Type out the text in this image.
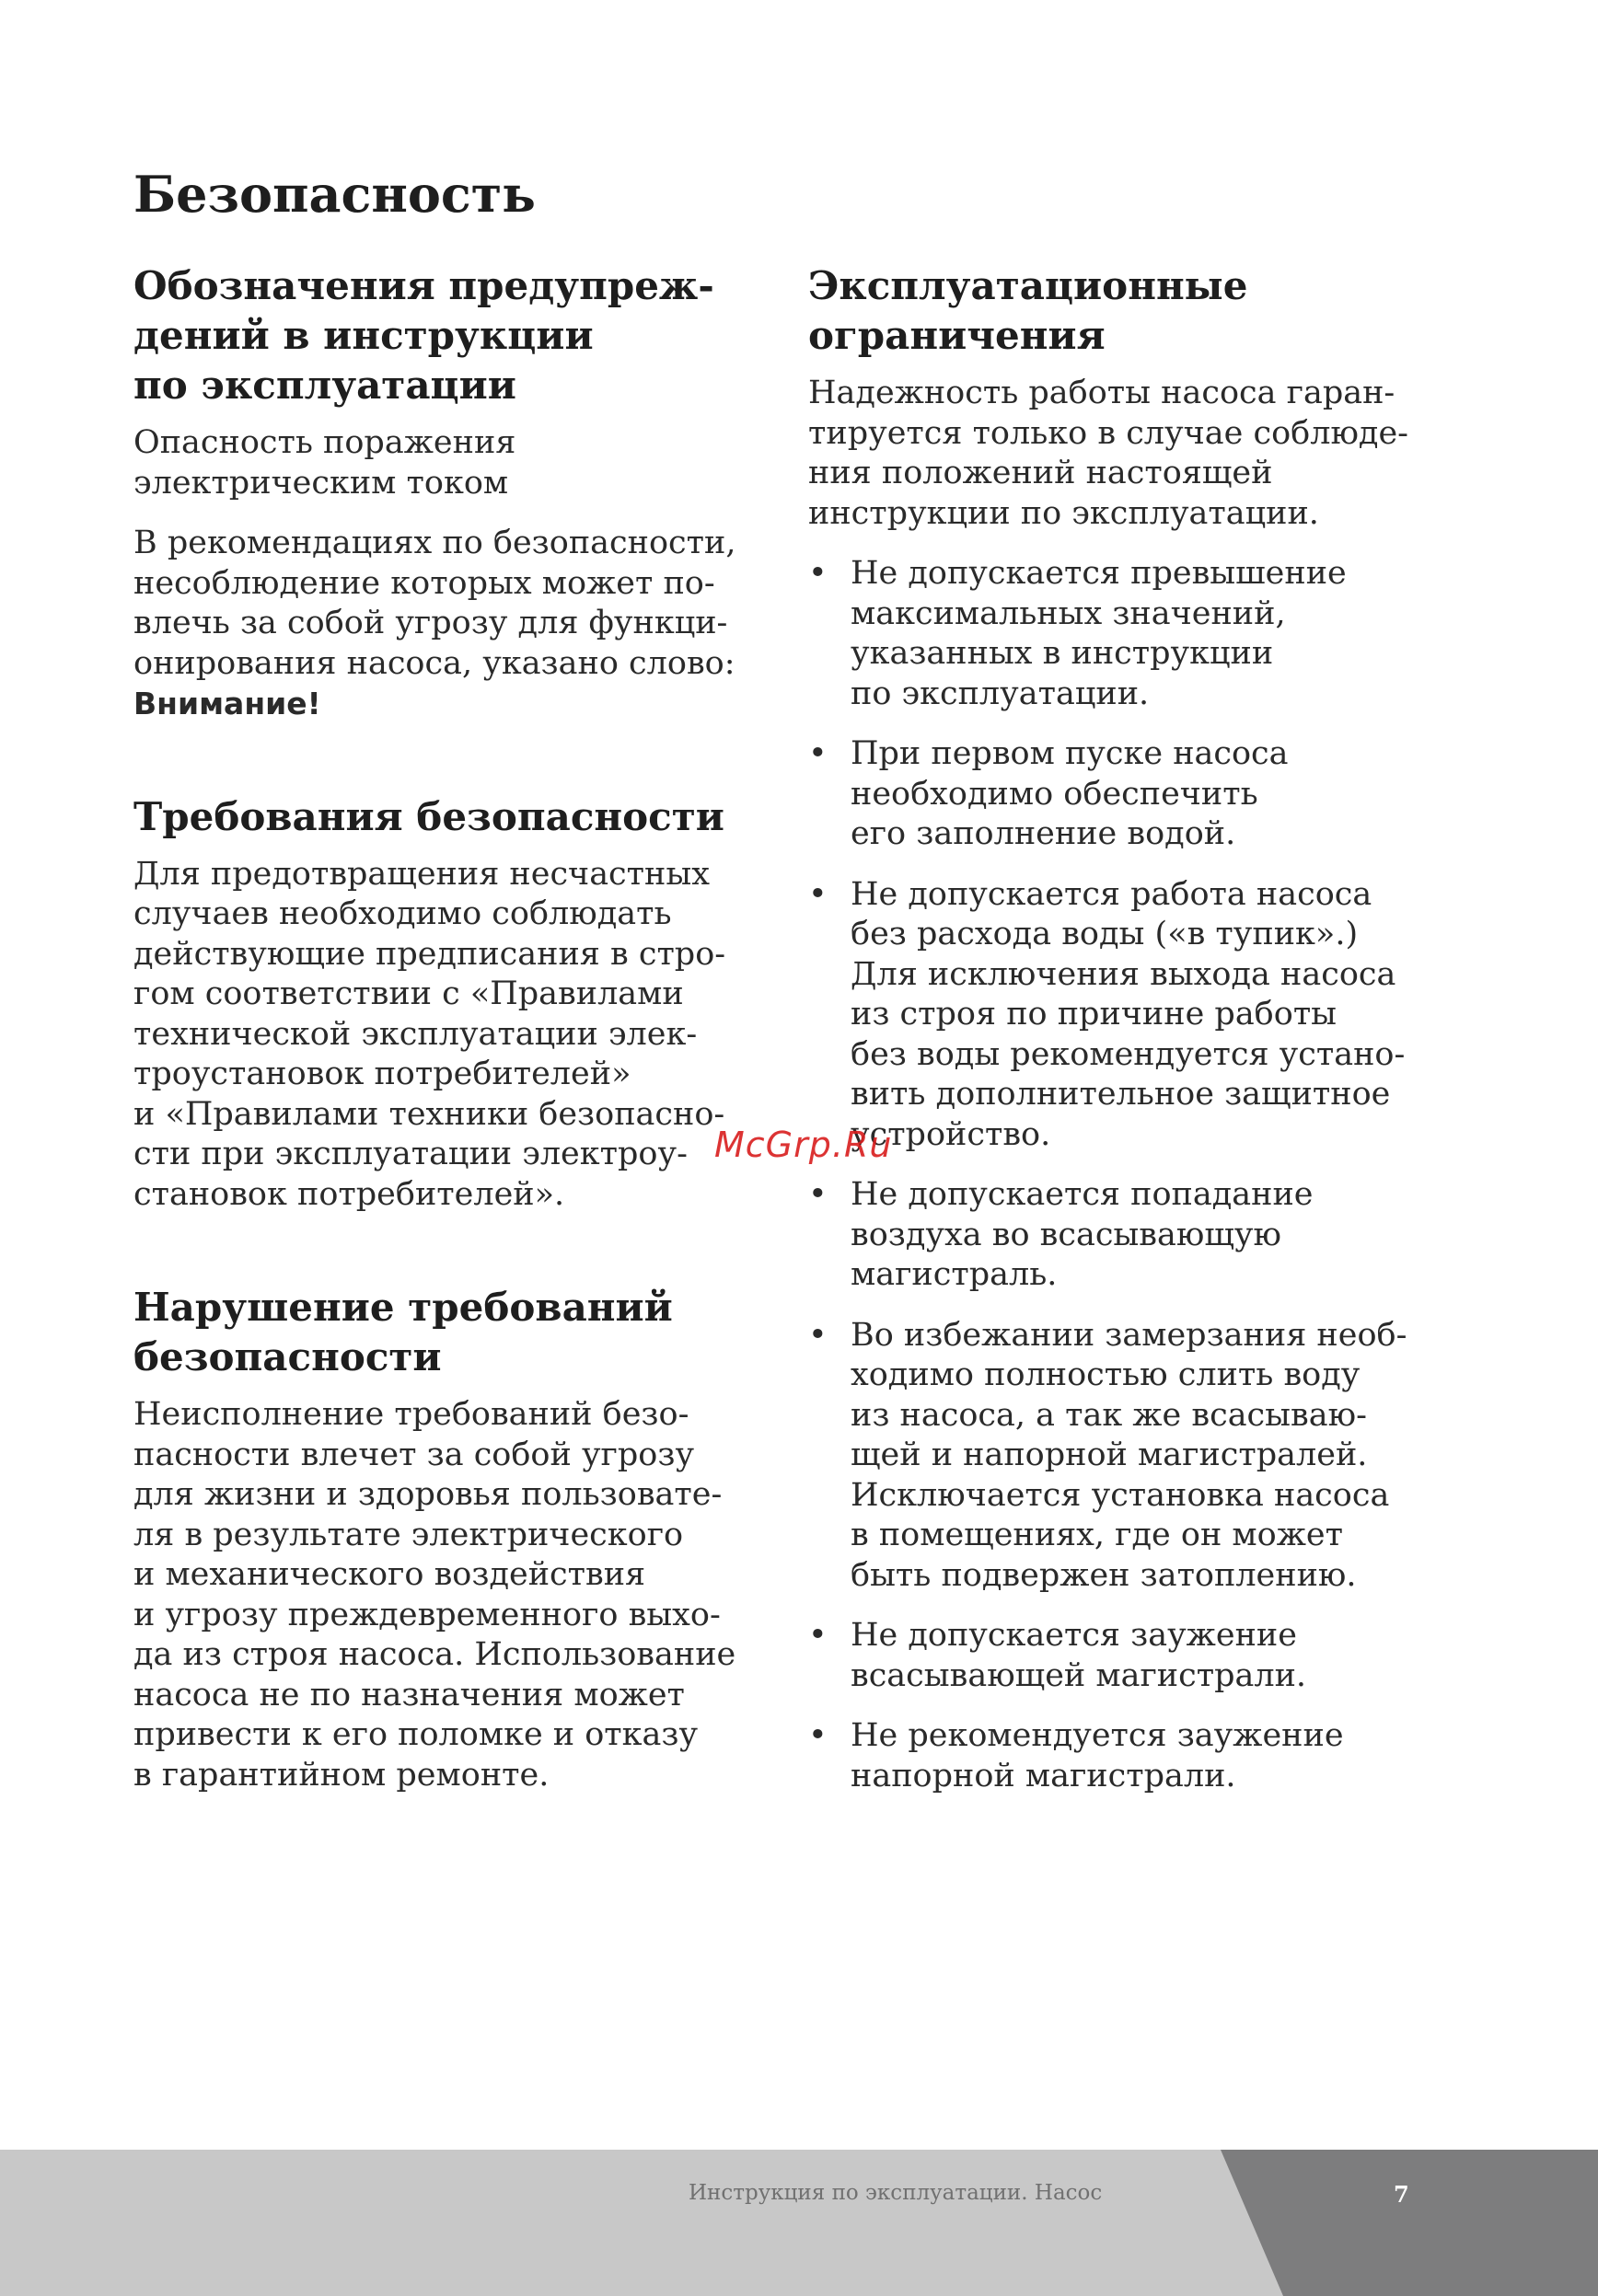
Безопасность
Обозначения предупреж-
дений в инструкции
по эксплуатации

Опасность поражения
электрическим током

В рекомендациях по безопасности,
несоблюдение которых может по-
влечь за собой угрозу для функци-
онирования насоса, указано слово:
Внимание!

Требования безопасности

Для предотвращения несчастных
случаев необходимо соблюдать
действующие предписания в стро-
гом соответствии с «Правилами
технической эксплуатации элек-
троустановок потребителей»
и «Правилами техники безопасно-
сти при эксплуатации электроу-
становок потребителей».

Нарушение требований
безопасности

Неисполнение требований безо-
пасности влечет за собой угрозу
для жизни и здоровья пользовате-
ля в результате электрического
и механического воздействия
и угрозу преждевременного выхо-
да из строя насоса. Использование
насоса не по назначения может
привести к его поломке и отказу
в гарантийном ремонте.

Эксплуатационные
ограничения

Надежность работы насоса гаран-
тируется только в случае соблюде-
ния положений настоящей
инструкции по эксплуатации.

• Не допускается превышение
максимальных значений,
указанных в инструкции
по эксплуатации.
• При первом пуске насоса
необходимо обеспечить
его заполнение водой.
• Не допускается работа насоса
без расхода воды («в тупик».)
Для исключения выхода насоса
из строя по причине работы
без воды рекомендуется устано-
вить дополнительное защитное
устройство.
• Не допускается попадание
воздуха во всасывающую
магистраль.
• Во избежании замерзания необ-
ходимо полностью слить воду
из насоса, а так же всасываю-
щей и напорной магистралей.
Исключается установка насоса
в помещениях, где он может
быть подвержен затоплению.
• Не допускается заужение
всасывающей магистрали.
• Не рекомендуется заужение
напорной магистрали.
McGrp.Ru
Инструкция по эксплуатации. Насос	7
